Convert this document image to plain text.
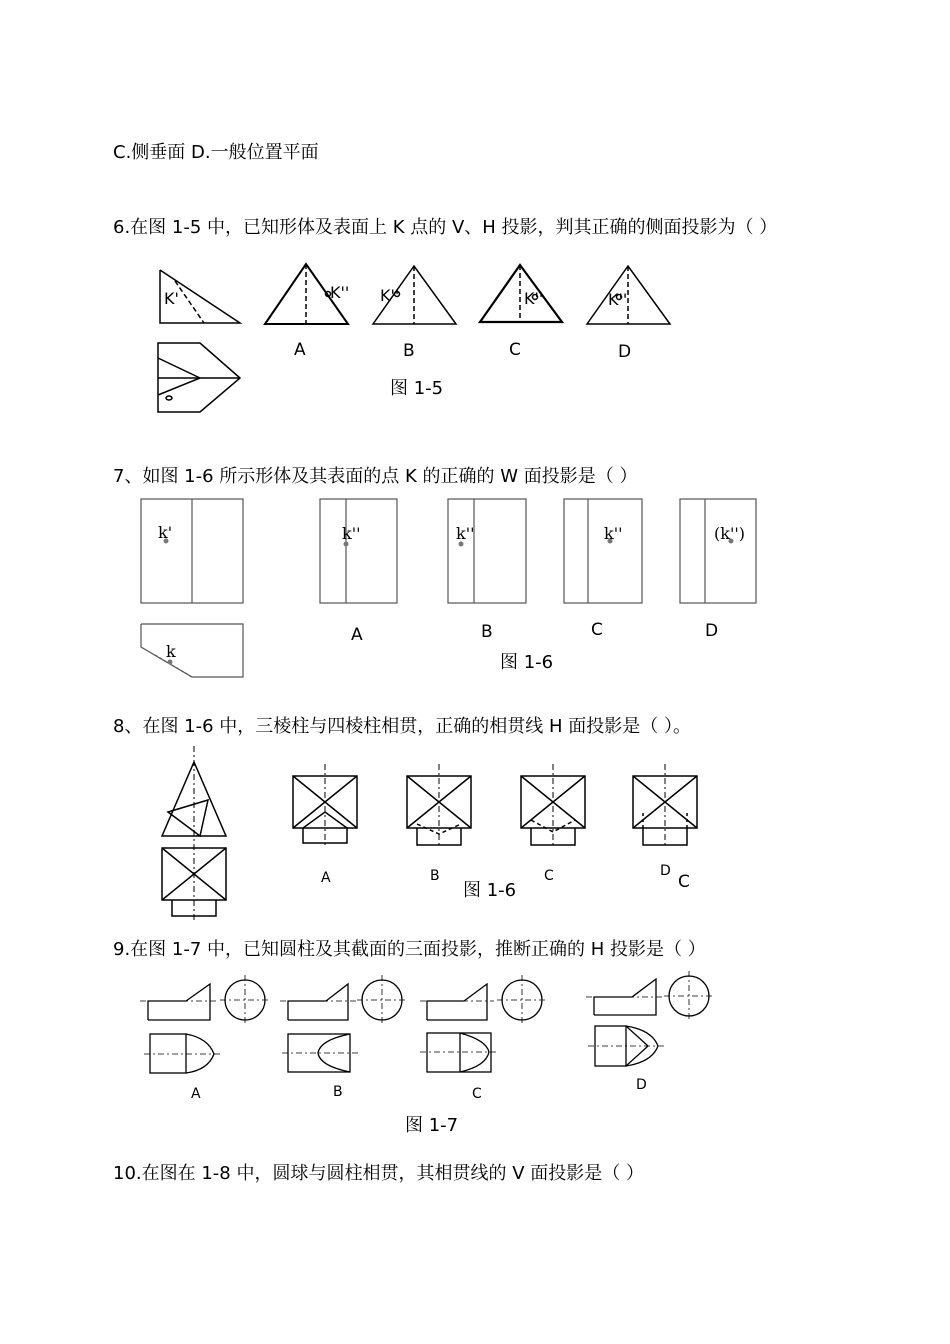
C.侧垂面 D.一般位置平面
6.在图 1-5 中，已知形体及表面上 K 点的 V、H 投影，判其正确的侧面投影为（ ）
K'	K'' K''	K''	K''
A	B	C	D
图 1-5
7、如图 1-6 所示形体及其表面的点 K 的正确的 W 面投影是（ ）
k'
k
k''	k''	k''	(k'')
A	B	C	D
图 1-6
8、在图 1-6 中，三棱柱与四棱柱相贯，正确的相贯线 H 面投影是（ ）。
A	B	C	D
C
图 1-6
9.在图 1-7 中，已知圆柱及其截面的三面投影，推断正确的 H 投影是（ ）
A	B	C
D
图 1-7
10.在图在 1-8 中，圆球与圆柱相贯，其相贯线的 V 面投影是（ ）
